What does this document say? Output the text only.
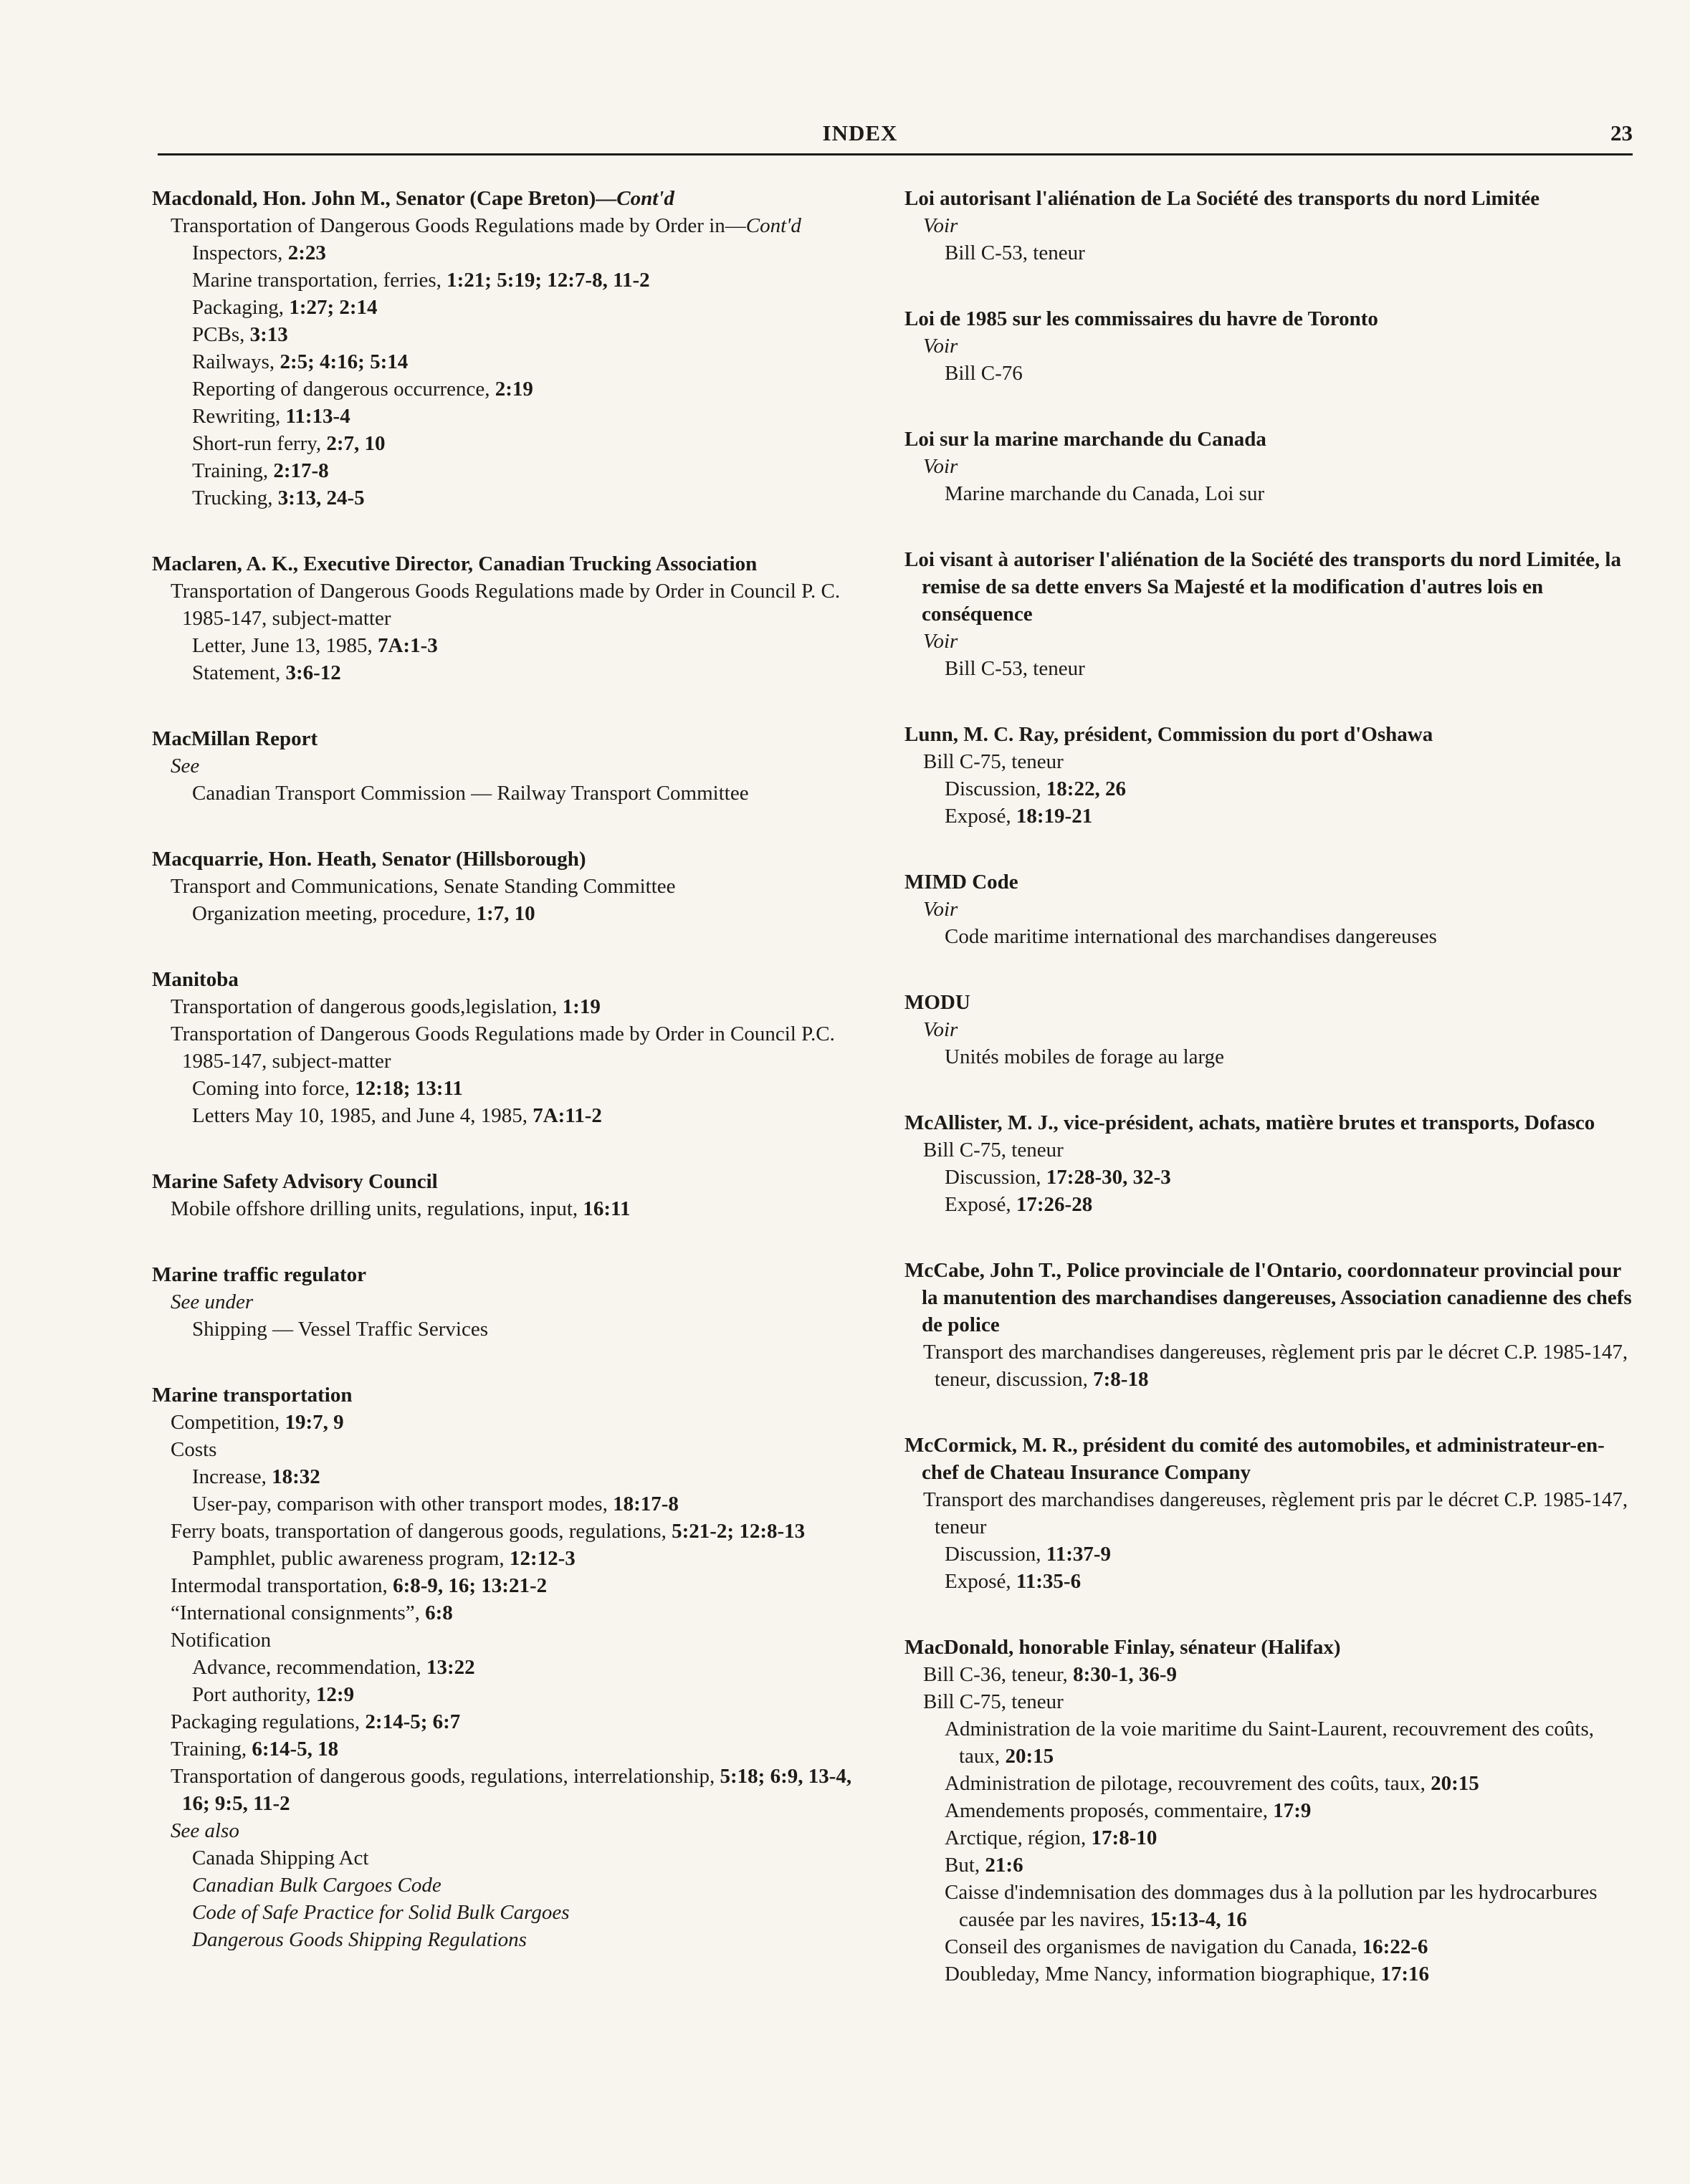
INDEX	23
Macdonald, Hon. John M., Senator (Cape Breton)—Cont'd
Transportation of Dangerous Goods Regulations made by Order in—Cont'd
Inspectors, 2:23
Marine transportation, ferries, 1:21; 5:19; 12:7-8, 11-2
Packaging, 1:27; 2:14
PCBs, 3:13
Railways, 2:5; 4:16; 5:14
Reporting of dangerous occurrence, 2:19
Rewriting, 11:13-4
Short-run ferry, 2:7, 10
Training, 2:17-8
Trucking, 3:13, 24-5
Maclaren, A. K., Executive Director, Canadian Trucking Association
Transportation of Dangerous Goods Regulations made by Order in Council P. C. 1985-147, subject-matter
Letter, June 13, 1985, 7A:1-3
Statement, 3:6-12
MacMillan Report
See
Canadian Transport Commission — Railway Transport Committee
Macquarrie, Hon. Heath, Senator (Hillsborough)
Transport and Communications, Senate Standing Committee
Organization meeting, procedure, 1:7, 10
Manitoba
Transportation of dangerous goods,legislation, 1:19
Transportation of Dangerous Goods Regulations made by Order in Council P.C. 1985-147, subject-matter
Coming into force, 12:18; 13:11
Letters May 10, 1985, and June 4, 1985, 7A:11-2
Marine Safety Advisory Council
Mobile offshore drilling units, regulations, input, 16:11
Marine traffic regulator
See under
Shipping — Vessel Traffic Services
Marine transportation
Competition, 19:7, 9
Costs
Increase, 18:32
User-pay, comparison with other transport modes, 18:17-8
Ferry boats, transportation of dangerous goods, regulations, 5:21-2; 12:8-13
Pamphlet, public awareness program, 12:12-3
Intermodal transportation, 6:8-9, 16; 13:21-2
“International consignments”, 6:8
Notification
Advance, recommendation, 13:22
Port authority, 12:9
Packaging regulations, 2:14-5; 6:7
Training, 6:14-5, 18
Transportation of dangerous goods, regulations, interrelationship, 5:18; 6:9, 13-4, 16; 9:5, 11-2
See also
Canada Shipping Act
Canadian Bulk Cargoes Code
Code of Safe Practice for Solid Bulk Cargoes
Dangerous Goods Shipping Regulations
Loi autorisant l'aliénation de La Société des transports du nord Limitée
Voir
Bill C-53, teneur
Loi de 1985 sur les commissaires du havre de Toronto
Voir
Bill C-76
Loi sur la marine marchande du Canada
Voir
Marine marchande du Canada, Loi sur
Loi visant à autoriser l'aliénation de la Société des transports du nord Limitée, la remise de sa dette envers Sa Majesté et la modification d'autres lois en conséquence
Voir
Bill C-53, teneur
Lunn, M. C. Ray, président, Commission du port d'Oshawa
Bill C-75, teneur
Discussion, 18:22, 26
Exposé, 18:19-21
MIMD Code
Voir
Code maritime international des marchandises dangereuses
MODU
Voir
Unités mobiles de forage au large
McAllister, M. J., vice-président, achats, matière brutes et transports, Dofasco
Bill C-75, teneur
Discussion, 17:28-30, 32-3
Exposé, 17:26-28
McCabe, John T., Police provinciale de l'Ontario, coordonnateur provincial pour la manutention des marchandises dangereuses, Association canadienne des chefs de police
Transport des marchandises dangereuses, règlement pris par le décret C.P. 1985-147, teneur, discussion, 7:8-18
McCormick, M. R., président du comité des automobiles, et administrateur-en-chef de Chateau Insurance Company
Transport des marchandises dangereuses, règlement pris par le décret C.P. 1985-147, teneur
Discussion, 11:37-9
Exposé, 11:35-6
MacDonald, honorable Finlay, sénateur (Halifax)
Bill C-36, teneur, 8:30-1, 36-9
Bill C-75, teneur
Administration de la voie maritime du Saint-Laurent, recouvrement des coûts, taux, 20:15
Administration de pilotage, recouvrement des coûts, taux, 20:15
Amendements proposés, commentaire, 17:9
Arctique, région, 17:8-10
But, 21:6
Caisse d'indemnisation des dommages dus à la pollution par les hydrocarbures causée par les navires, 15:13-4, 16
Conseil des organismes de navigation du Canada, 16:22-6
Doubleday, Mme Nancy, information biographique, 17:16
